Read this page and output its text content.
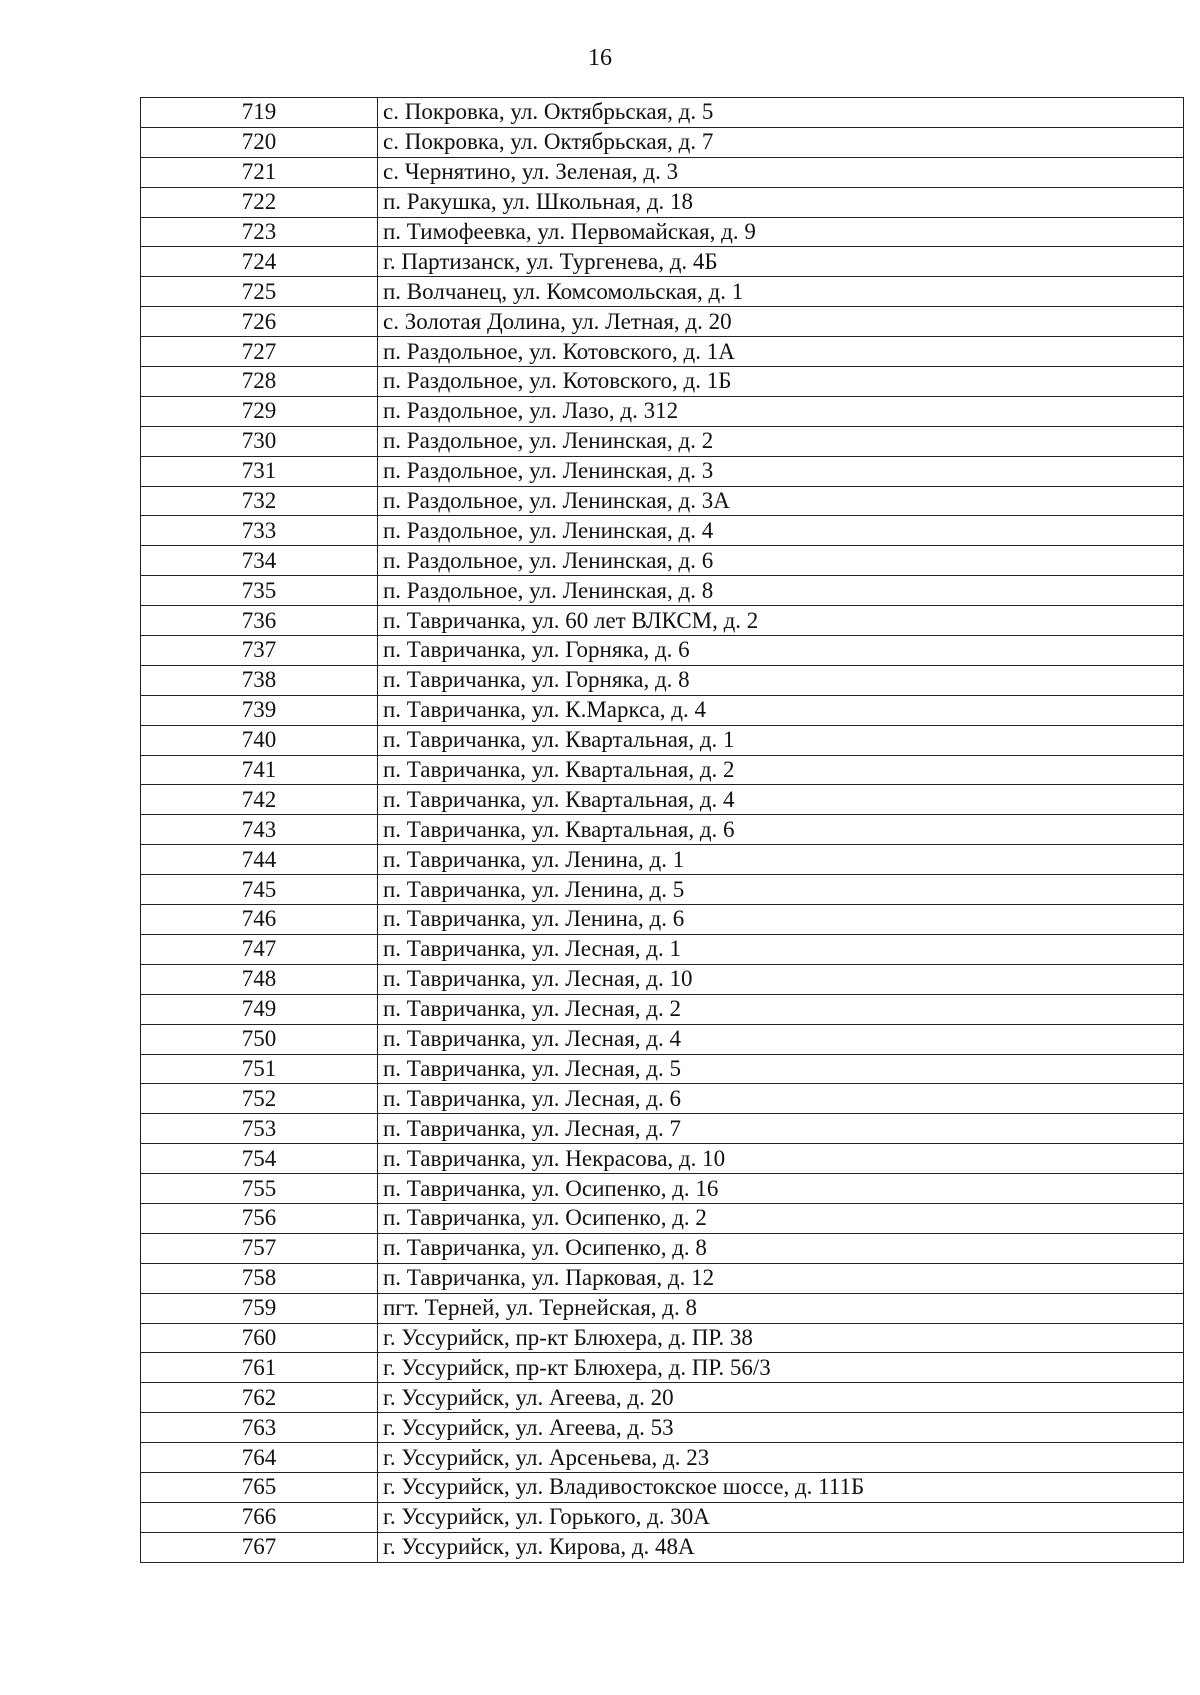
16
719	с. Покровка, ул. Октябрьская, д. 5
720	с. Покровка, ул. Октябрьская, д. 7
721	с. Чернятино, ул. Зеленая, д. 3
722	п. Ракушка, ул. Школьная, д. 18
723	п. Тимофеевка, ул. Первомайская, д. 9
724	г. Партизанск, ул. Тургенева, д. 4Б
725	п. Волчанец, ул. Комсомольская, д. 1
726	с. Золотая Долина, ул. Летная, д. 20
727	п. Раздольное, ул. Котовского, д. 1А
728	п. Раздольное, ул. Котовского, д. 1Б
729	п. Раздольное, ул. Лазо, д. 312
730	п. Раздольное, ул. Ленинская, д. 2
731	п. Раздольное, ул. Ленинская, д. 3
732	п. Раздольное, ул. Ленинская, д. 3А
733	п. Раздольное, ул. Ленинская, д. 4
734	п. Раздольное, ул. Ленинская, д. 6
735	п. Раздольное, ул. Ленинская, д. 8
736	п. Тавричанка, ул. 60 лет ВЛКСМ, д. 2
737	п. Тавричанка, ул. Горняка, д. 6
738	п. Тавричанка, ул. Горняка, д. 8
739	п. Тавричанка, ул. К.Маркса, д. 4
740	п. Тавричанка, ул. Квартальная, д. 1
741	п. Тавричанка, ул. Квартальная, д. 2
742	п. Тавричанка, ул. Квартальная, д. 4
743	п. Тавричанка, ул. Квартальная, д. 6
744	п. Тавричанка, ул. Ленина, д. 1
745	п. Тавричанка, ул. Ленина, д. 5
746	п. Тавричанка, ул. Ленина, д. 6
747	п. Тавричанка, ул. Лесная, д. 1
748	п. Тавричанка, ул. Лесная, д. 10
749	п. Тавричанка, ул. Лесная, д. 2
750	п. Тавричанка, ул. Лесная, д. 4
751	п. Тавричанка, ул. Лесная, д. 5
752	п. Тавричанка, ул. Лесная, д. 6
753	п. Тавричанка, ул. Лесная, д. 7
754	п. Тавричанка, ул. Некрасова, д. 10
755	п. Тавричанка, ул. Осипенко, д. 16
756	п. Тавричанка, ул. Осипенко, д. 2
757	п. Тавричанка, ул. Осипенко, д. 8
758	п. Тавричанка, ул. Парковая, д. 12
759	пгт. Терней, ул. Тернейская, д. 8
760	г. Уссурийск, пр-кт Блюхера, д. ПР. 38
761	г. Уссурийск, пр-кт Блюхера, д. ПР. 56/3
762	г. Уссурийск, ул. Агеева, д. 20
763	г. Уссурийск, ул. Агеева, д. 53
764	г. Уссурийск, ул. Арсеньева, д. 23
765	г. Уссурийск, ул. Владивостокское шоссе, д. 111Б
766	г. Уссурийск, ул. Горького, д. 30А
767	г. Уссурийск, ул. Кирова, д. 48А
